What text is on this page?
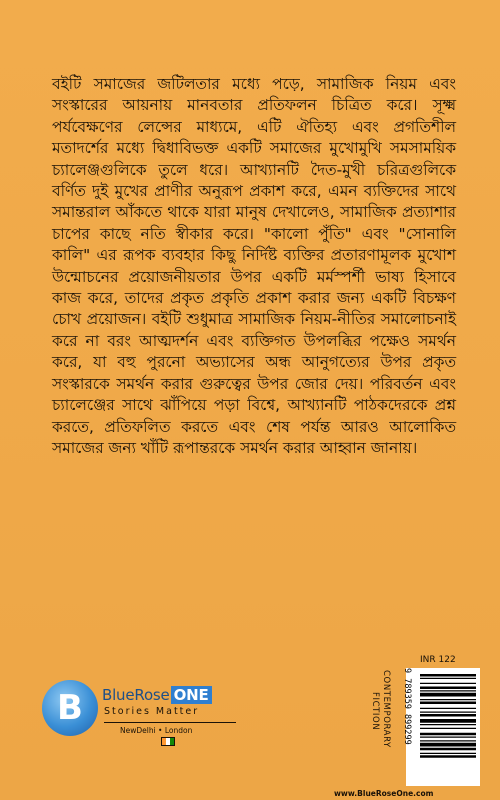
বইটি সমাজের জটিলতার মধ্যে পড়ে, সামাজিক নিয়ম এবং সংস্কারের আয়নায় মানবতার প্রতিফলন চিত্রিত করে। সূক্ষ্ম পর্যবেক্ষণের লেন্সের মাধ্যমে, এটি ঐতিহ্য এবং প্রগতিশীল মতাদর্শের মধ্যে দ্বিধাবিভক্ত একটি সমাজের মুখোমুখি সমসাময়িক চ্যালেঞ্জগুলিকে তুলে ধরে। আখ্যানটি দৈত-মুখী চরিত্রগুলিকে বর্ণিত দুই মুখের প্রাণীর অনুরূপ প্রকাশ করে, এমন ব্যক্তিদের সাথে সমান্তরাল আঁকতে থাকে যারা মানুষ দেখালেও, সামাজিক প্রত্যাশার চাপের কাছে নতি স্বীকার করে। "কালো পুঁতি" এবং "সোনালি কালি" এর রূপক ব্যবহার কিছু নির্দিষ্ট ব্যক্তির প্রতারণামূলক মুখোশ উন্মোচনের প্রয়োজনীয়তার উপর একটি মর্মস্পর্শী ভাষ্য হিসাবে কাজ করে, তাদের প্রকৃত প্রকৃতি প্রকাশ করার জন্য একটি বিচক্ষণ চোখ প্রয়োজন। বইটি শুধুমাত্র সামাজিক নিয়ম-নীতির সমালোচনাই করে না বরং আত্মদর্শন এবং ব্যক্তিগত উপলব্ধির পক্ষেও সমর্থন করে, যা বহু পুরনো অভ্যাসের অন্ধ আনুগত্যের উপর প্রকৃত সংস্কারকে সমর্থন করার গুরুত্বের উপর জোর দেয়। পরিবর্তন এবং চ্যালেঞ্জের সাথে ঝাঁপিয়ে পড়া বিশ্বে, আখ্যানটি পাঠকদেরকে প্রশ্ন করতে, প্রতিফলিত করতে এবং শেষ পর্যন্ত আরও আলোকিত সমাজের জন্য খাঁটি রূপান্তরকে সমর্থন করার আহ্বান জানায়।

B	BlueRose ONE
Stories Matter
NewDelhi • London	CONTEMPORARY
FICTION
INR 122
9 789359 899299
www.BlueRoseOne.com
